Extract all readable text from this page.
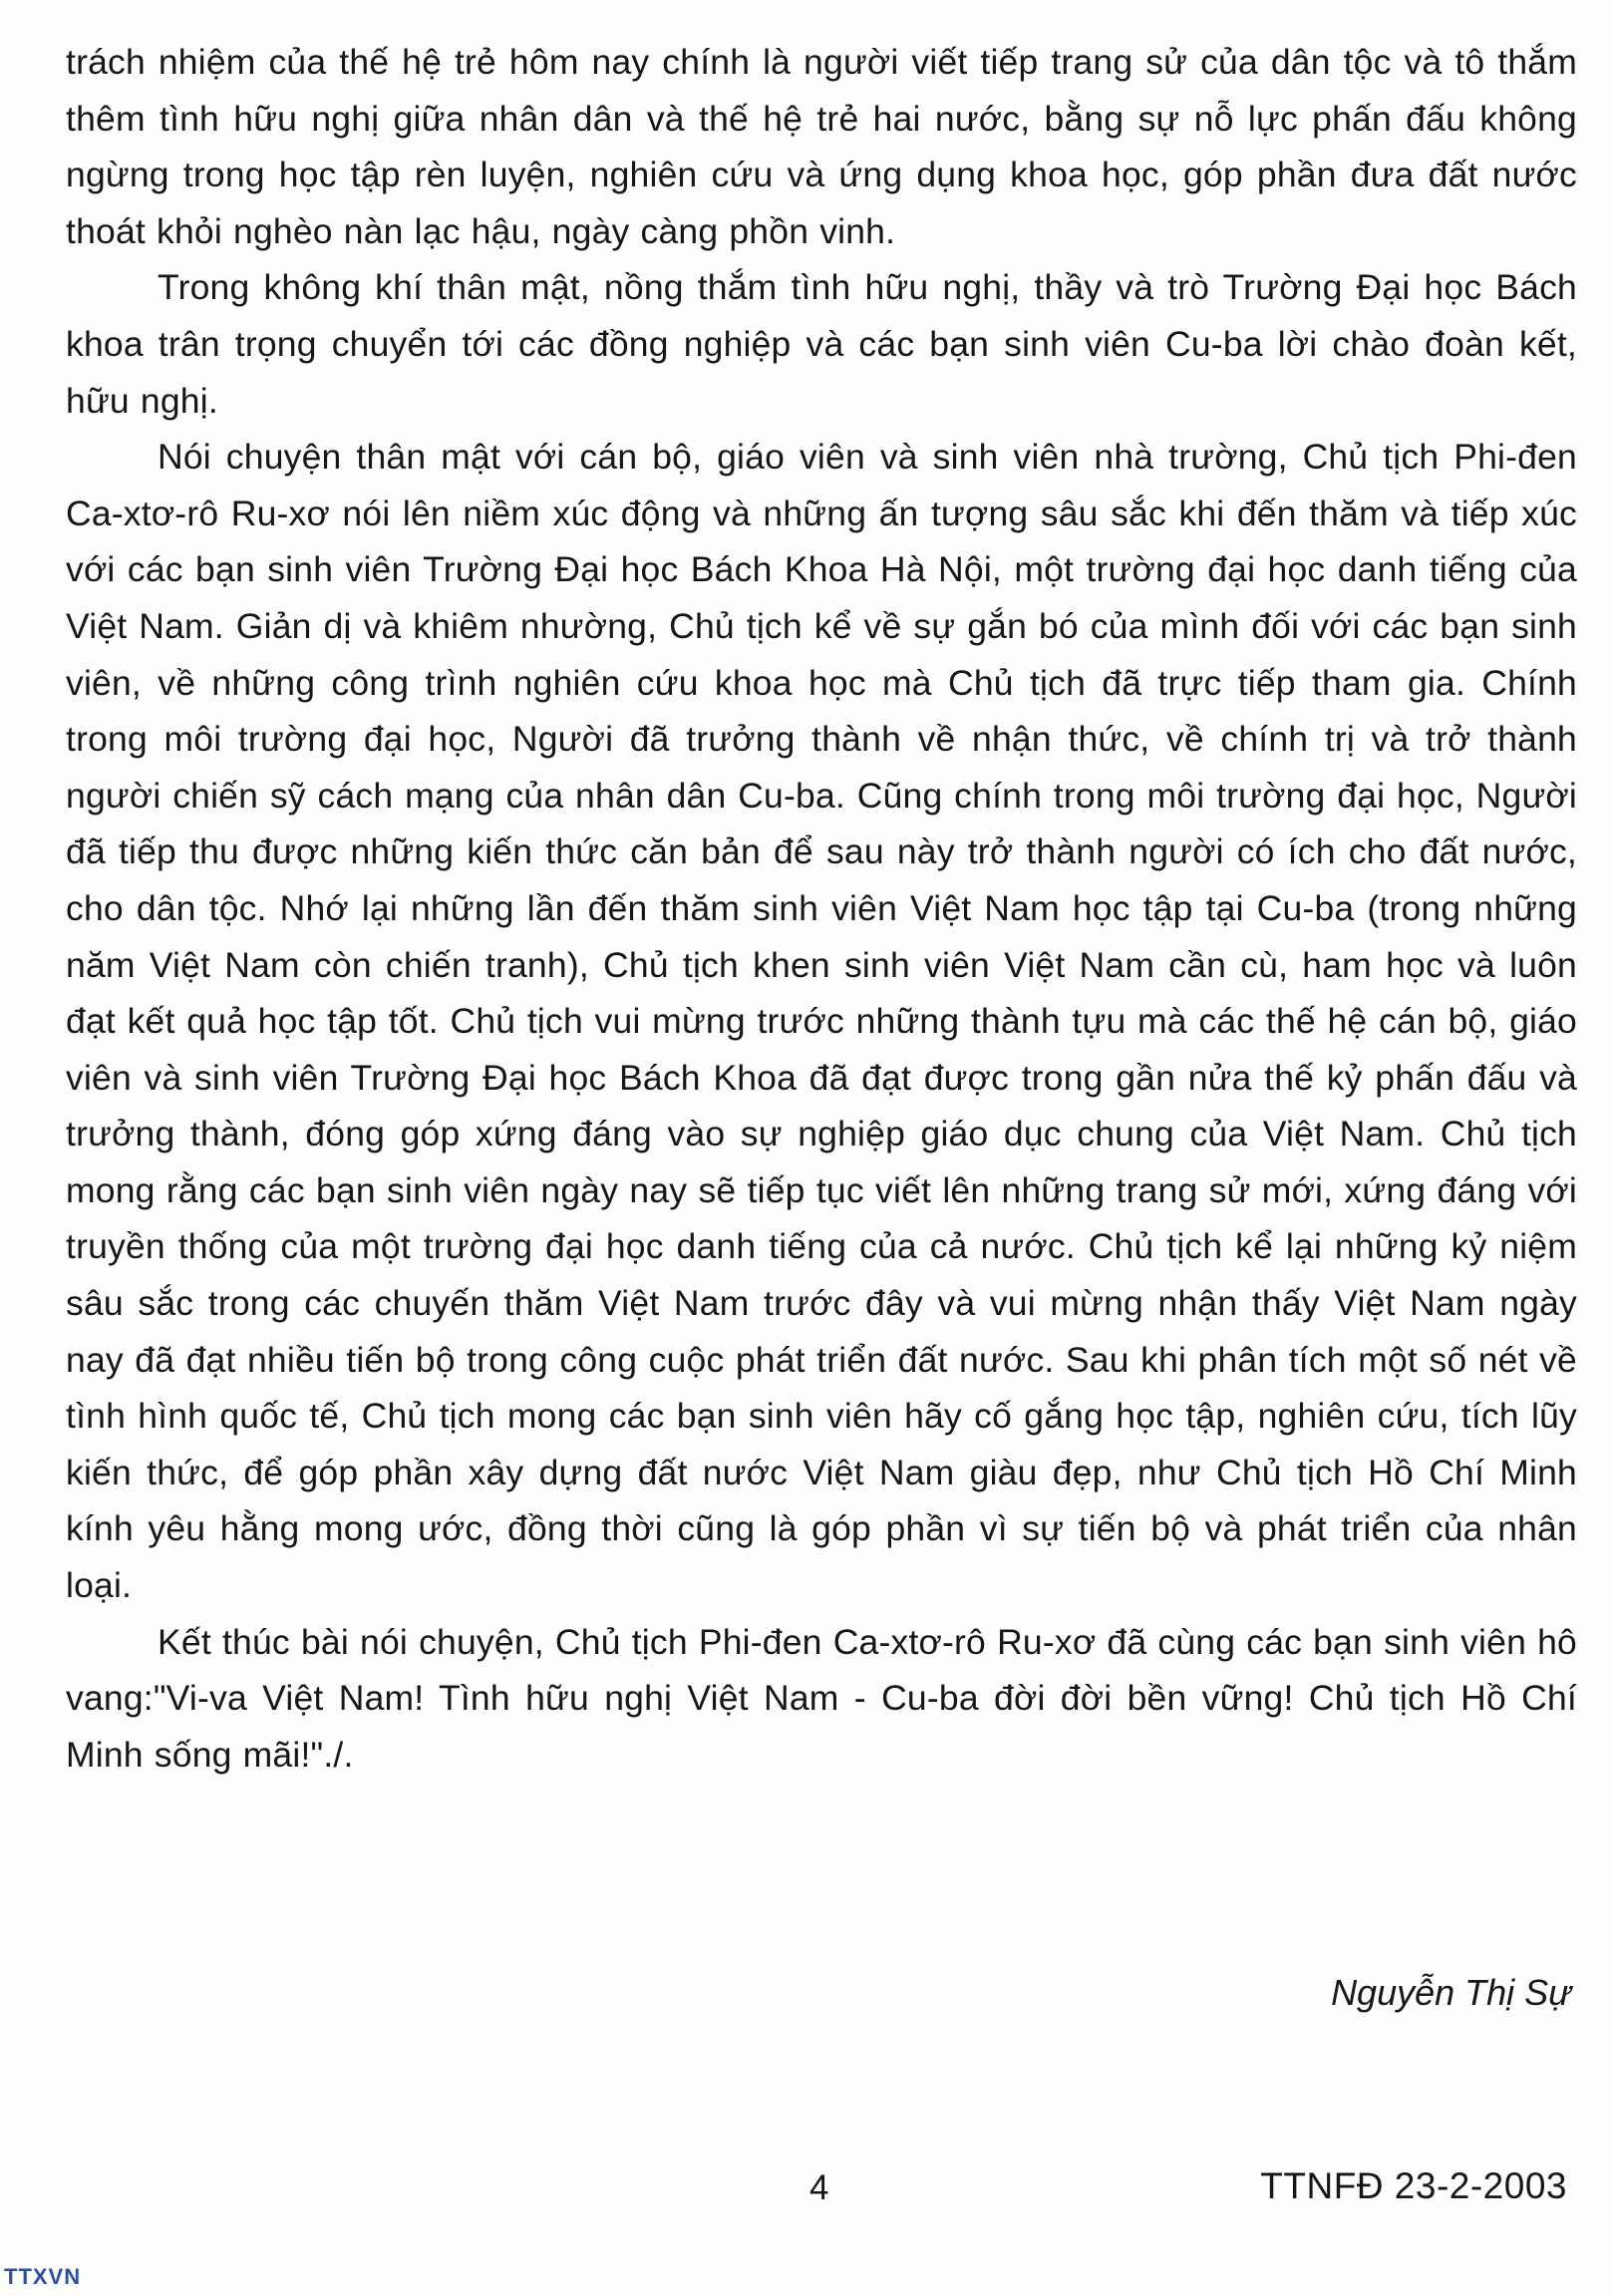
trách nhiệm của thế hệ trẻ hôm nay chính là người viết tiếp trang sử của dân tộc và tô thắm thêm tình hữu nghị giữa nhân dân và thế hệ trẻ hai nước, bằng sự nỗ lực phấn đấu không ngừng trong học tập rèn luyện, nghiên cứu và ứng dụng khoa học, góp phần đưa đất nước thoát khỏi nghèo nàn lạc hậu, ngày càng phồn vinh.

Trong không khí thân mật, nồng thắm tình hữu nghị, thầy và trò Trường Đại học Bách khoa trân trọng chuyển tới các đồng nghiệp và các bạn sinh viên Cu-ba lời chào đoàn kết, hữu nghị.

Nói chuyện thân mật với cán bộ, giáo viên và sinh viên nhà trường, Chủ tịch Phi-đen Ca-xtơ-rô Ru-xơ nói lên niềm xúc động và những ấn tượng sâu sắc khi đến thăm và tiếp xúc với các bạn sinh viên Trường Đại học Bách Khoa Hà Nội, một trường đại học danh tiếng của Việt Nam. Giản dị và khiêm nhường, Chủ tịch kể về sự gắn bó của mình đối với các bạn sinh viên, về những công trình nghiên cứu khoa học mà Chủ tịch đã trực tiếp tham gia. Chính trong môi trường đại học, Người đã trưởng thành về nhận thức, về chính trị và trở thành người chiến sỹ cách mạng của nhân dân Cu-ba. Cũng chính trong môi trường đại học, Người đã tiếp thu được những kiến thức căn bản để sau này trở thành người có ích cho đất nước, cho dân tộc. Nhớ lại những lần đến thăm sinh viên Việt Nam học tập tại Cu-ba (trong những năm Việt Nam còn chiến tranh), Chủ tịch khen sinh viên Việt Nam cần cù, ham học và luôn đạt kết quả học tập tốt. Chủ tịch vui mừng trước những thành tựu mà các thế hệ cán bộ, giáo viên và sinh viên Trường Đại học Bách Khoa đã đạt được trong gần nửa thế kỷ phấn đấu và trưởng thành, đóng góp xứng đáng vào sự nghiệp giáo dục chung của Việt Nam. Chủ tịch mong rằng các bạn sinh viên ngày nay sẽ tiếp tục viết lên những trang sử mới, xứng đáng với truyền thống của một trường đại học danh tiếng của cả nước. Chủ tịch kể lại những kỷ niệm sâu sắc trong các chuyến thăm Việt Nam trước đây và vui mừng nhận thấy Việt Nam ngày nay đã đạt nhiều tiến bộ trong công cuộc phát triển đất nước. Sau khi phân tích một số nét về tình hình quốc tế, Chủ tịch mong các bạn sinh viên hãy cố gắng học tập, nghiên cứu, tích lũy kiến thức, để góp phần xây dựng đất nước Việt Nam giàu đẹp, như Chủ tịch Hồ Chí Minh kính yêu hằng mong ước, đồng thời cũng là góp phần vì sự tiến bộ và phát triển của nhân loại.

Kết thúc bài nói chuyện, Chủ tịch Phi-đen Ca-xtơ-rô Ru-xơ đã cùng các bạn sinh viên hô vang:"Vi-va Việt Nam! Tình hữu nghị Việt Nam - Cu-ba đời đời bền vững! Chủ tịch Hồ Chí Minh sống mãi!"./.

Nguyễn Thị Sự
4	TTNFĐ 23-2-2003
TTXVN
